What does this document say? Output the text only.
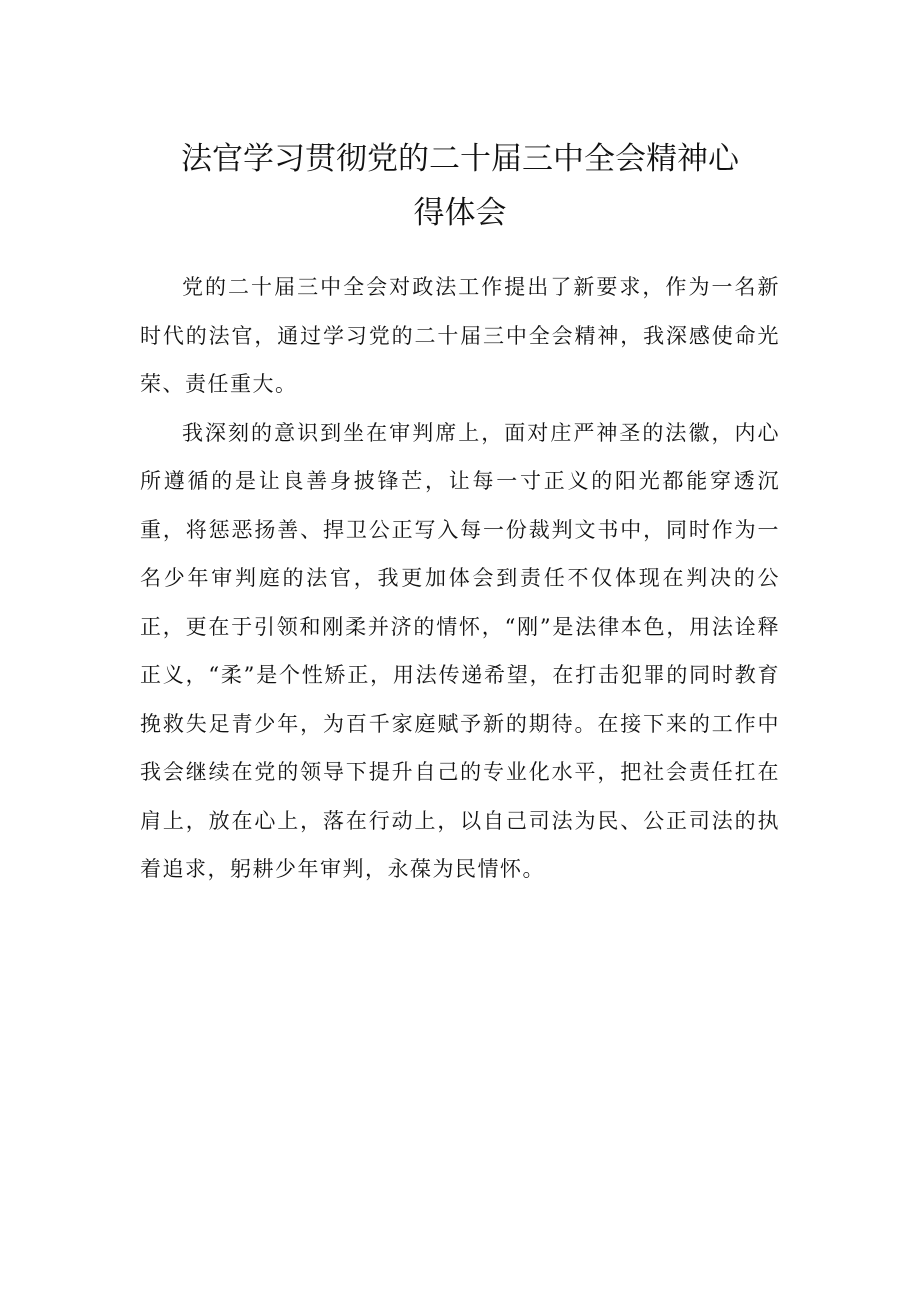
法官学习贯彻党的二十届三中全会精神心
得体会

党的二十届三中全会对政法工作提出了新要求，作为一名新时代的法官，通过学习党的二十届三中全会精神，我深感使命光荣、责任重大。

我深刻的意识到坐在审判席上，面对庄严神圣的法徽，内心所遵循的是让良善身披锋芒，让每一寸正义的阳光都能穿透沉重，将惩恶扬善、捍卫公正写入每一份裁判文书中，同时作为一名少年审判庭的法官，我更加体会到责任不仅体现在判决的公正，更在于引领和刚柔并济的情怀，“刚”是法律本色，用法诠释正义，“柔”是个性矫正，用法传递希望，在打击犯罪的同时教育挽救失足青少年，为百千家庭赋予新的期待。在接下来的工作中我会继续在党的领导下提升自己的专业化水平，把社会责任扛在肩上，放在心上，落在行动上，以自己司法为民、公正司法的执着追求，躬耕少年审判，永葆为民情怀。
